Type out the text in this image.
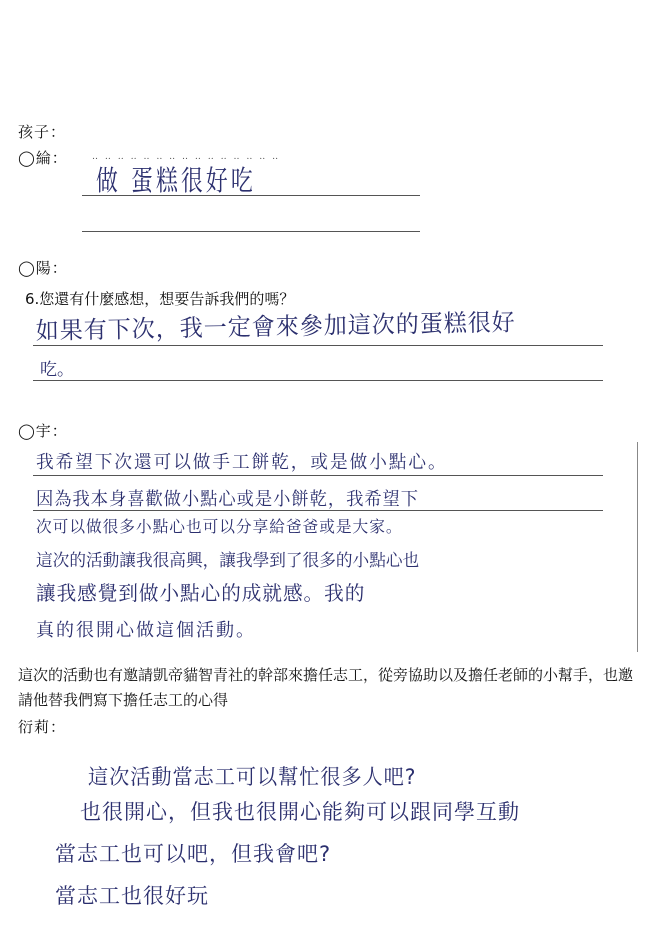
孩子：
◯綸：	‥ ‥ ‥ ‥ ‥ ‥ ‥ ‥ ‥ ‥ ‥ ‥ ‥ ‥ ‥
做 蛋糕很好吃
◯陽：
6.您還有什麼感想，想要告訴我們的嗎？
如果有下次，我一定會來參加這次的蛋糕很好
吃。
◯宇：
我希望下次還可以做手工餅乾，或是做小點心。
因為我本身喜歡做小點心或是小餅乾，我希望下
次可以做很多小點心也可以分享給爸爸或是大家。
這次的活動讓我很高興，讓我學到了很多的小點心也
讓我感覺到做小點心的成就感。我的
真的很開心做這個活動。
這次的活動也有邀請凱帝貓智青社的幹部來擔任志工，從旁協助以及擔任老師的小幫手，也邀請他替我們寫下擔任志工的心得
衍莉：
這次活動當志工可以幫忙很多人吧?
也很開心，但我也很開心能夠可以跟同學互動
當志工也可以吧，但我會吧?
當志工也很好玩
